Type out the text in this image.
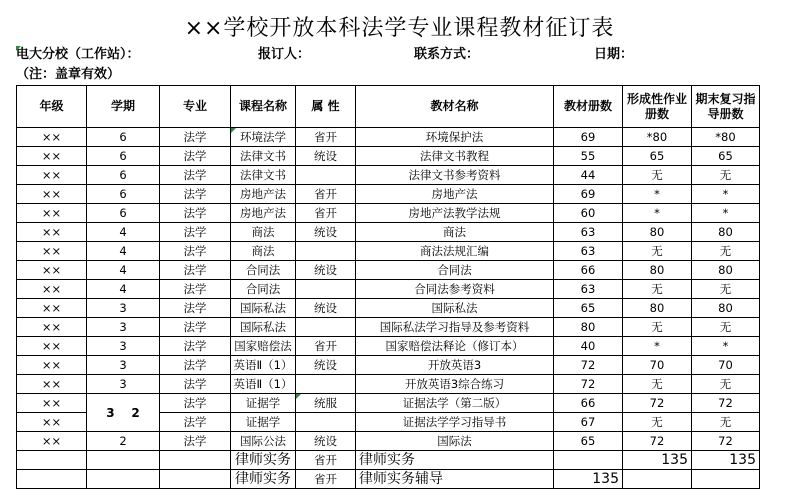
××学校开放本科法学专业课程教材征订表
电大分校（工作站）：	报订人：	联系方式：	日期：
（注：盖章有效）
年级	学期	专业	课程名称	属 性	教材名称	教材册数	形成性作业册数	期末复习指导册数
××	6	法学	环境法学	省开	环境保护法	69	*80	*80
××	6	法学	法律文书	统设	法律文书教程	55	65	65
××	6	法学	法律文书		法律文书参考资料	44	无	无
××	6	法学	房地产法	省开	房地产法	69	*	*
××	6	法学	房地产法	省开	房地产法教学法规	60	*	*
××	4	法学	商法	统设	商法	63	80	80
××	4	法学	商法		商法法规汇编	63	无	无
××	4	法学	合同法	统设	合同法	66	80	80
××	4	法学	合同法		合同法参考资料	63	无	无
××	3	法学	国际私法	统设	国际私法	65	80	80
××	3	法学	国际私法		国际私法学习指导及参考资料	80	无	无
××	3	法学	国家赔偿法	省开	国家赔偿法释论（修订本）	40	*	*
××	3	法学	英语Ⅱ（1）	统设	开放英语3	72	70	70
××	3	法学	英语Ⅱ（1）		开放英语3综合练习	72	无	无
××	3    2	法学	证据学	统服	证据法学（第二版）	66	72	72
××		法学	证据学		证据法学学习指导书	67	无	无
××	2	法学	国际公法	统设	国际法	65	72	72
			律师实务	省开	律师实务		135	135
			律师实务	省开	律师实务辅导	135		
